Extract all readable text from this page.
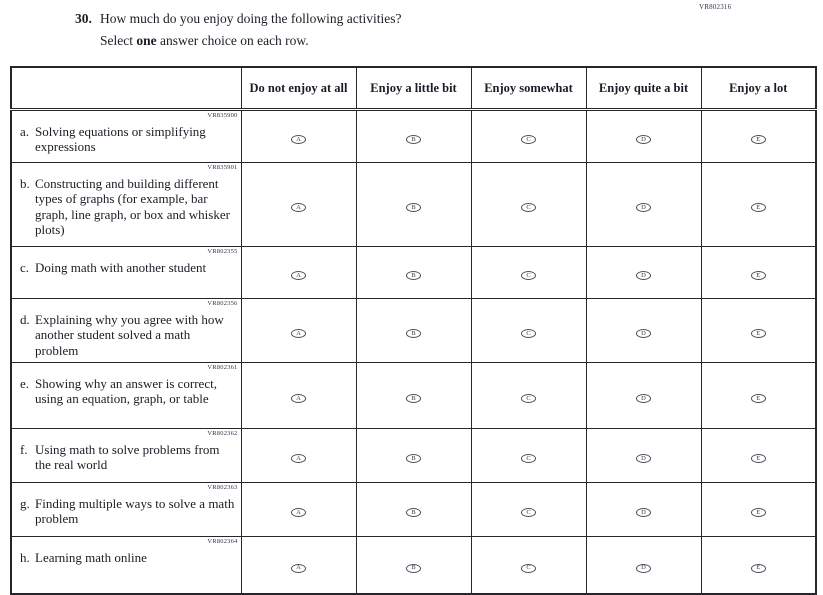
VR802316
30. How much do you enjoy doing the following activities?
Select one answer choice on each row.
	Do not enjoy at all	Enjoy a little bit	Enjoy somewhat	Enjoy quite a bit	Enjoy a lot

VR835900
a. Solving equations or simplifying expressions	A	B	C	D	E

VR835901
b. Constructing and building different types of graphs (for example, bar graph, line graph, or box and whisker plots)	A	B	C	D	E

VR802355
c. Doing math with another student	A	B	C	D	E

VR802356
d. Explaining why you agree with how another student solved a math problem	A	B	C	D	E

VR802361
e. Showing why an answer is correct, using an equation, graph, or table	A	B	C	D	E

VR802362
f. Using math to solve problems from the real world	A	B	C	D	E

VR802363
g. Finding multiple ways to solve a math problem	A	B	C	D	E

VR802364
h. Learning math online	A	B	C	D	E
